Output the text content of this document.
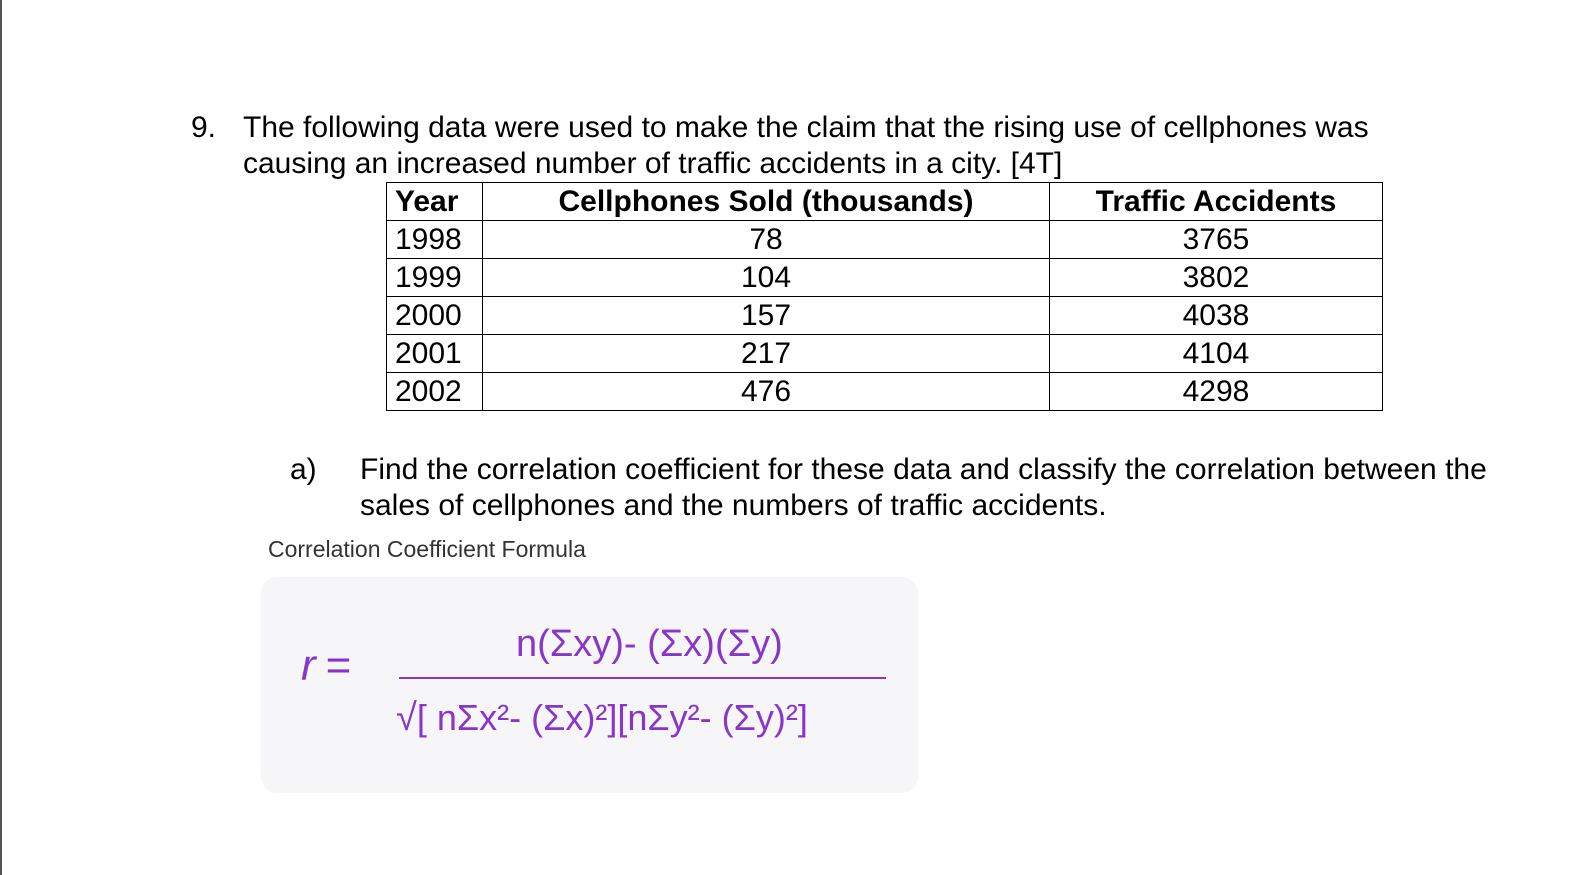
9. The following data were used to make the claim that the rising use of cellphones was causing an increased number of traffic accidents in a city. [4T]
Year	Cellphones Sold (thousands)	Traffic Accidents
1998	78	3765
1999	104	3802
2000	157	4038
2001	217	4104
2002	476	4298
a) Find the correlation coefficient for these data and classify the correlation between the sales of cellphones and the numbers of traffic accidents.
Correlation Coefficient Formula
r =	n(Σxy)- (Σx)(Σy)
√[ nΣx²- (Σx)²][nΣy²- (Σy)²]
